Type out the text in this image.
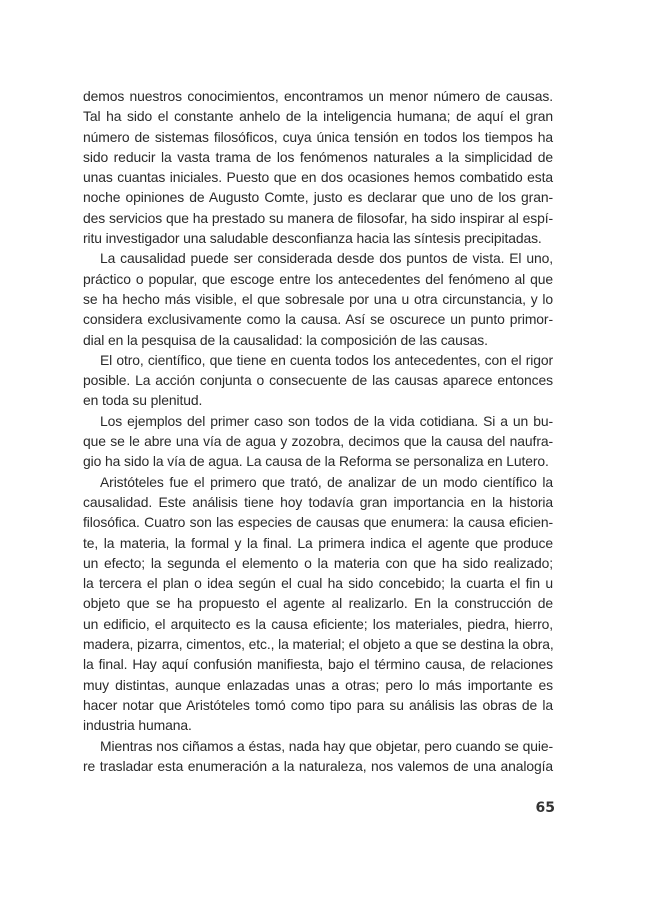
demos nuestros conocimientos, encontramos un menor número de causas.
Tal ha sido el constante anhelo de la inteligencia humana; de aquí el gran
número de sistemas filosóficos, cuya única tensión en todos los tiempos ha
sido reducir la vasta trama de los fenómenos naturales a la simplicidad de
unas cuantas iniciales. Puesto que en dos ocasiones hemos combatido esta
noche opiniones de Augusto Comte, justo es declarar que uno de los gran-
des servicios que ha prestado su manera de filosofar, ha sido inspirar al espí-
ritu investigador una saludable desconfianza hacia las síntesis precipitadas.
La causalidad puede ser considerada desde dos puntos de vista. El uno,
práctico o popular, que escoge entre los antecedentes del fenómeno al que
se ha hecho más visible, el que sobresale por una u otra circunstancia, y lo
considera exclusivamente como la causa. Así se oscurece un punto primor-
dial en la pesquisa de la causalidad: la composición de las causas.
El otro, científico, que tiene en cuenta todos los antecedentes, con el rigor
posible. La acción conjunta o consecuente de las causas aparece entonces
en toda su plenitud.
Los ejemplos del primer caso son todos de la vida cotidiana. Si a un bu-
que se le abre una vía de agua y zozobra, decimos que la causa del naufra-
gio ha sido la vía de agua. La causa de la Reforma se personaliza en Lutero.
Aristóteles fue el primero que trató, de analizar de un modo científico la
causalidad. Este análisis tiene hoy todavía gran importancia en la historia
filosófica. Cuatro son las especies de causas que enumera: la causa eficien-
te, la materia, la formal y la final. La primera indica el agente que produce
un efecto; la segunda el elemento o la materia con que ha sido realizado;
la tercera el plan o idea según el cual ha sido concebido; la cuarta el fin u
objeto que se ha propuesto el agente al realizarlo. En la construcción de
un edificio, el arquitecto es la causa eficiente; los materiales, piedra, hierro,
madera, pizarra, cimentos, etc., la material; el objeto a que se destina la obra,
la final. Hay aquí confusión manifiesta, bajo el término causa, de relaciones
muy distintas, aunque enlazadas unas a otras; pero lo más importante es
hacer notar que Aristóteles tomó como tipo para su análisis las obras de la
industria humana.
Mientras nos ciñamos a éstas, nada hay que objetar, pero cuando se quie-
re trasladar esta enumeración a la naturaleza, nos valemos de una analogía
65
